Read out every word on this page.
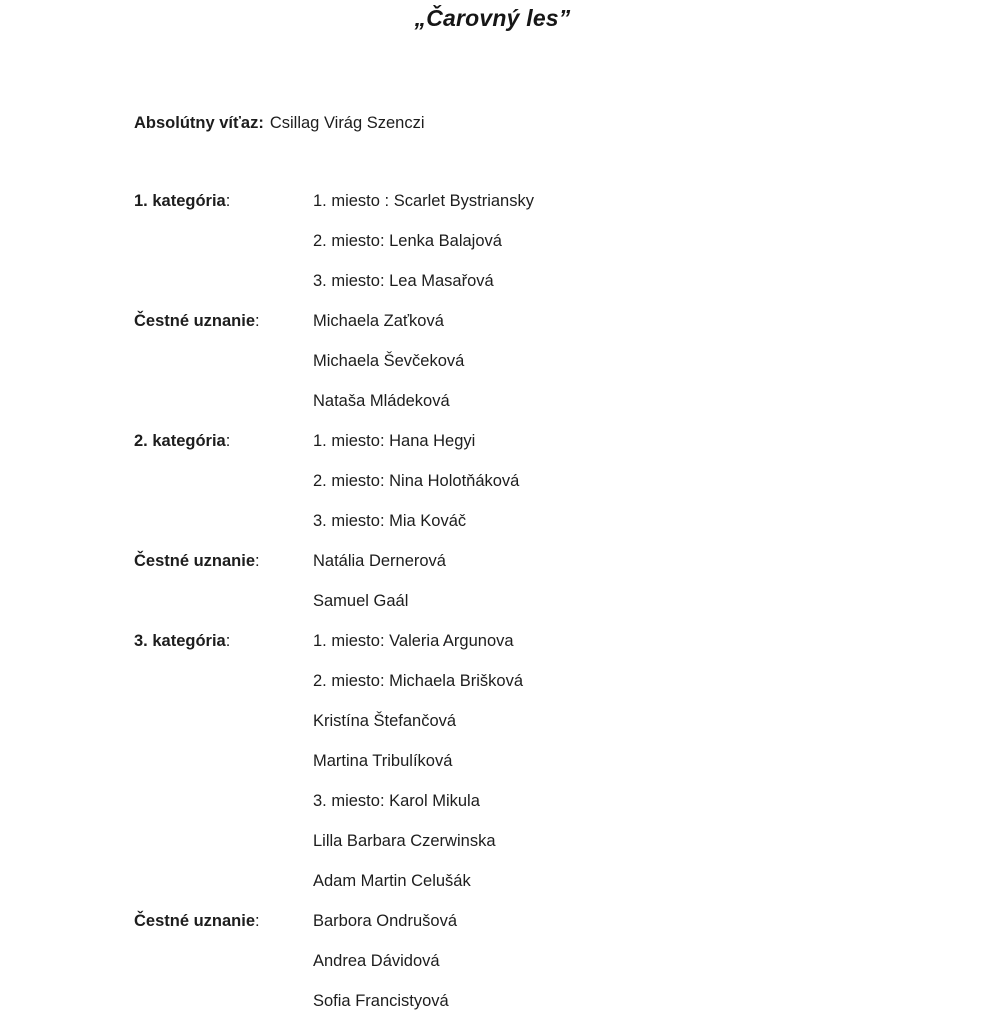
„Čarovný les”
Absolútny víťaz: Csillag Virág Szenczi
1. kategória:	1. miesto : Scarlet Bystriansky
2. miesto: Lenka Balajová
3. miesto: Lea Masařová
Čestné uznanie:	Michaela Zaťková
Michaela Ševčeková
Nataša Mládeková
2. kategória:	1. miesto: Hana Hegyi
2. miesto: Nina Holotňáková
3. miesto: Mia Kováč
Čestné uznanie:	Natália Dernerová
Samuel Gaál
3. kategória:	1. miesto: Valeria Argunova
2. miesto: Michaela Brišková
Kristína Štefančová
Martina Tribulíková
3. miesto: Karol Mikula
Lilla Barbara Czerwinska
Adam Martin Celušák
Čestné uznanie:	Barbora Ondrušová
Andrea Dávidová
Sofia Francistyová
